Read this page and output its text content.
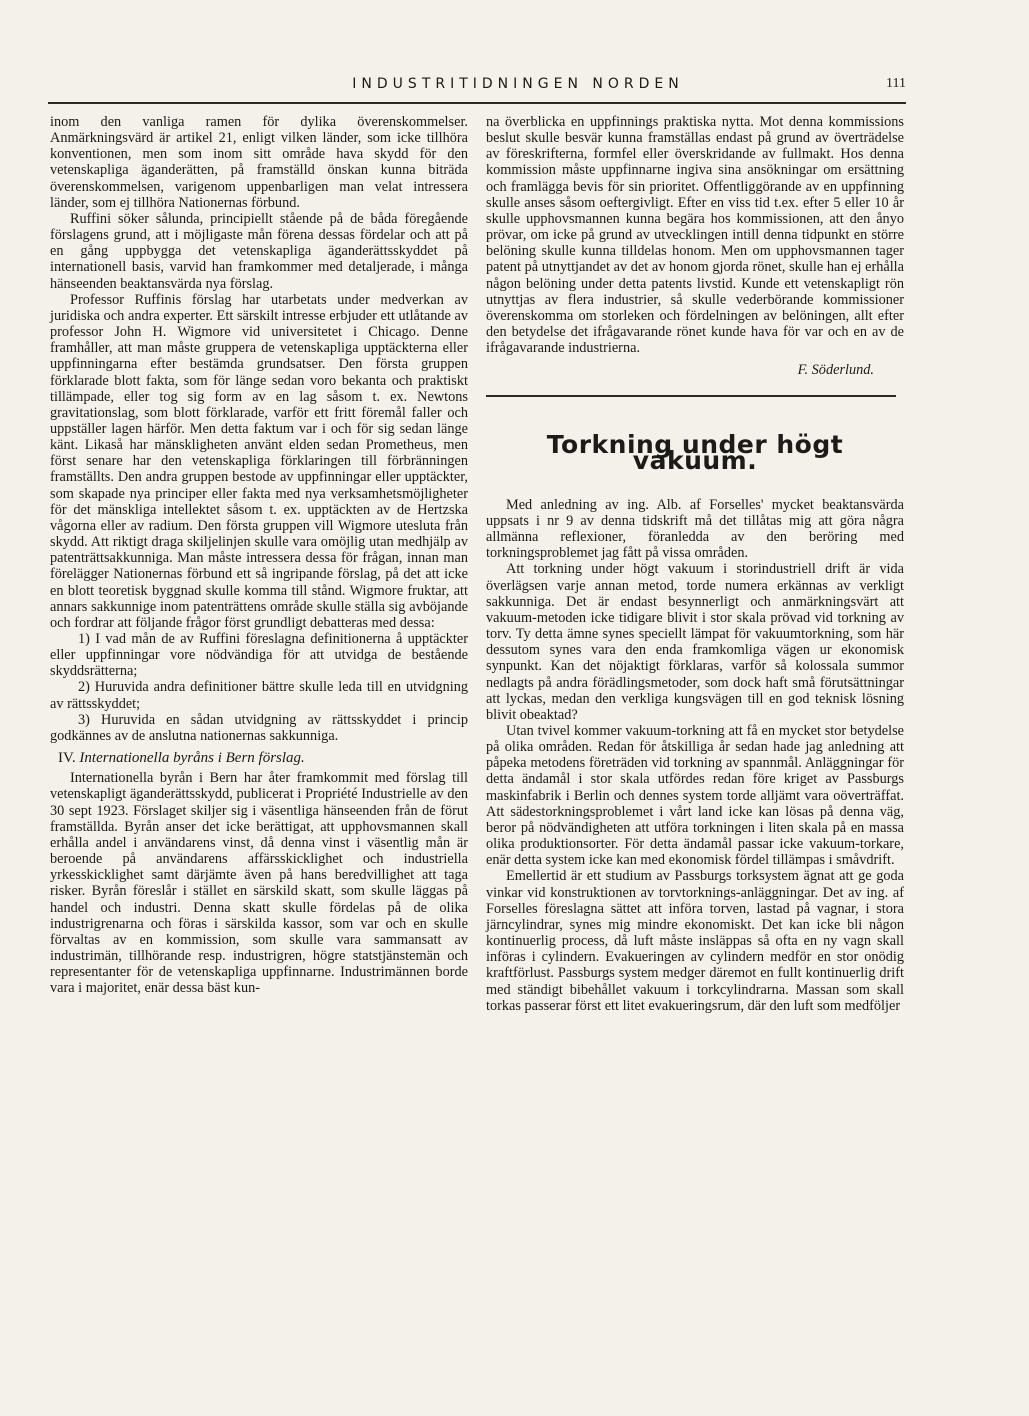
INDUSTRITIDNINGEN NORDEN	111

inom den vanliga ramen för dylika överenskommelser. Anmärkningsvärd är artikel 21, enligt vilken länder, som icke tillhöra konventionen, men som inom sitt område hava skydd för den vetenskapliga äganderätten, på framställd önskan kunna biträda överenskommelsen, varigenom uppenbarligen man velat intressera länder, som ej tillhöra Nationernas förbund.

Ruffini söker sålunda, principiellt stående på de båda föregående förslagens grund, att i möjligaste mån förena dessas fördelar och att på en gång uppbygga det vetenskapliga äganderättsskyddet på internationell basis, varvid han framkommer med detaljerade, i många hänseenden beaktansvärda nya förslag.

Professor Ruffinis förslag har utarbetats under medverkan av juridiska och andra experter. Ett särskilt intresse erbjuder ett utlåtande av professor John H. Wigmore vid universitetet i Chicago. Denne framhåller, att man måste gruppera de vetenskapliga upptäckterna eller uppfinningarna efter bestämda grundsatser. Den första gruppen förklarade blott fakta, som för länge sedan voro bekanta och praktiskt tillämpade, eller tog sig form av en lag såsom t. ex. Newtons gravitationslag, som blott förklarade, varför ett fritt föremål faller och uppställer lagen härför. Men detta faktum var i och för sig sedan länge känt. Likaså har mänskligheten använt elden sedan Prometheus, men först senare har den vetenskapliga förklaringen till förbränningen framställts. Den andra gruppen bestode av uppfinningar eller upptäckter, som skapade nya principer eller fakta med nya verksamhetsmöjligheter för det mänskliga intellektet såsom t. ex. upptäckten av de Hertzska vågorna eller av radium. Den första gruppen vill Wigmore utesluta från skydd. Att riktigt draga skiljelinjen skulle vara omöjlig utan medhjälp av patenträttsakkunniga. Man måste intressera dessa för frågan, innan man förelägger Nationernas förbund ett så ingripande förslag, på det att icke en blott teoretisk byggnad skulle komma till stånd. Wigmore fruktar, att annars sakkunnige inom patenträttens område skulle ställa sig avböjande och fordrar att följande frågor först grundligt debatteras med dessa:

1) I vad mån de av Ruffini föreslagna definitionerna å upptäckter eller uppfinningar vore nödvändiga för att utvidga de bestående skyddsrätterna;

2) Huruvida andra definitioner bättre skulle leda till en utvidgning av rättsskyddet;

3) Huruvida en sådan utvidgning av rättsskyddet i princip godkännes av de anslutna nationernas sakkunniga.

IV. Internationella byråns i Bern förslag.

Internationella byrån i Bern har åter framkommit med förslag till vetenskapligt äganderättsskydd, publicerat i Propriété Industrielle av den 30 sept 1923. Förslaget skiljer sig i väsentliga hänseenden från de förut framställda. Byrån anser det icke berättigat, att upphovsmannen skall erhålla andel i användarens vinst, då denna vinst i väsentlig mån är beroende på användarens affärsskicklighet och industriella yrkesskicklighet samt därjämte även på hans beredvillighet att taga risker. Byrån föreslår i stället en särskild skatt, som skulle läggas på handel och industri. Denna skatt skulle fördelas på de olika industrigrenarna och föras i särskilda kassor, som var och en skulle förvaltas av en kommission, som skulle vara sammansatt av industrimän, tillhörande resp. industrigren, högre statstjänstemän och representanter för de vetenskapliga uppfinnarne. Industrimännen borde vara i majoritet, enär dessa bäst kun-

na överblicka en uppfinnings praktiska nytta. Mot denna kommissions beslut skulle besvär kunna framställas endast på grund av överträdelse av föreskrifterna, formfel eller överskridande av fullmakt. Hos denna kommission måste uppfinnarne ingiva sina ansökningar om ersättning och framlägga bevis för sin prioritet. Offentliggörande av en uppfinning skulle anses såsom oeftergivligt. Efter en viss tid t.ex. efter 5 eller 10 år skulle upphovsmannen kunna begära hos kommissionen, att den ånyo prövar, om icke på grund av utvecklingen intill denna tidpunkt en större belöning skulle kunna tilldelas honom. Men om upphovsmannen tager patent på utnyttjandet av det av honom gjorda rönet, skulle han ej erhålla någon belöning under detta patents livstid. Kunde ett vetenskapligt rön utnyttjas av flera industrier, så skulle vederbörande kommissioner överenskomma om storleken och fördelningen av belöningen, allt efter den betydelse det ifrågavarande rönet kunde hava för var och en av de ifrågavarande industrierna.

F. Söderlund.

Torkning under högt vakuum.

Med anledning av ing. Alb. af Forselles' mycket beaktansvärda uppsats i nr 9 av denna tidskrift må det tillåtas mig att göra några allmänna reflexioner, föranledda av den beröring med torkningsproblemet jag fått på vissa områden.

Att torkning under högt vakuum i storindustriell drift är vida överlägsen varje annan metod, torde numera erkännas av verkligt sakkunniga. Det är endast besynnerligt och anmärkningsvärt att vakuum-metoden icke tidigare blivit i stor skala prövad vid torkning av torv. Ty detta ämne synes speciellt lämpat för vakuumtorkning, som här dessutom synes vara den enda framkomliga vägen ur ekonomisk synpunkt. Kan det nöjaktigt förklaras, varför så kolossala summor nedlagts på andra förädlingsmetoder, som dock haft små förutsättningar att lyckas, medan den verkliga kungsvägen till en god teknisk lösning blivit obeaktad?

Utan tvivel kommer vakuum-torkning att få en mycket stor betydelse på olika områden. Redan för åtskilliga år sedan hade jag anledning att påpeka metodens företräden vid torkning av spannmål. Anläggningar för detta ändamål i stor skala utfördes redan före kriget av Passburgs maskinfabrik i Berlin och dennes system torde alljämt vara oöverträffat. Att sädestorkningsproblemet i vårt land icke kan lösas på denna väg, beror på nödvändigheten att utföra torkningen i liten skala på en massa olika produktionsorter. För detta ändamål passar icke vakuum-torkare, enär detta system icke kan med ekonomisk fördel tillämpas i småvdrift.

Emellertid är ett studium av Passburgs torksystem ägnat att ge goda vinkar vid konstruktionen av torvtorknings-anläggningar. Det av ing. af Forselles föreslagna sättet att införa torven, lastad på vagnar, i stora järncylindrar, synes mig mindre ekonomiskt. Det kan icke bli någon kontinuerlig process, då luft måste insläppas så ofta en ny vagn skall införas i cylindern. Evakueringen av cylindern medför en stor onödig kraftförlust. Passburgs system medger däremot en fullt kontinuerlig drift med ständigt bibehållet vakuum i torkcylindrarna. Massan som skall torkas passerar först ett litet evakueringsrum, där den luft som medföljer
